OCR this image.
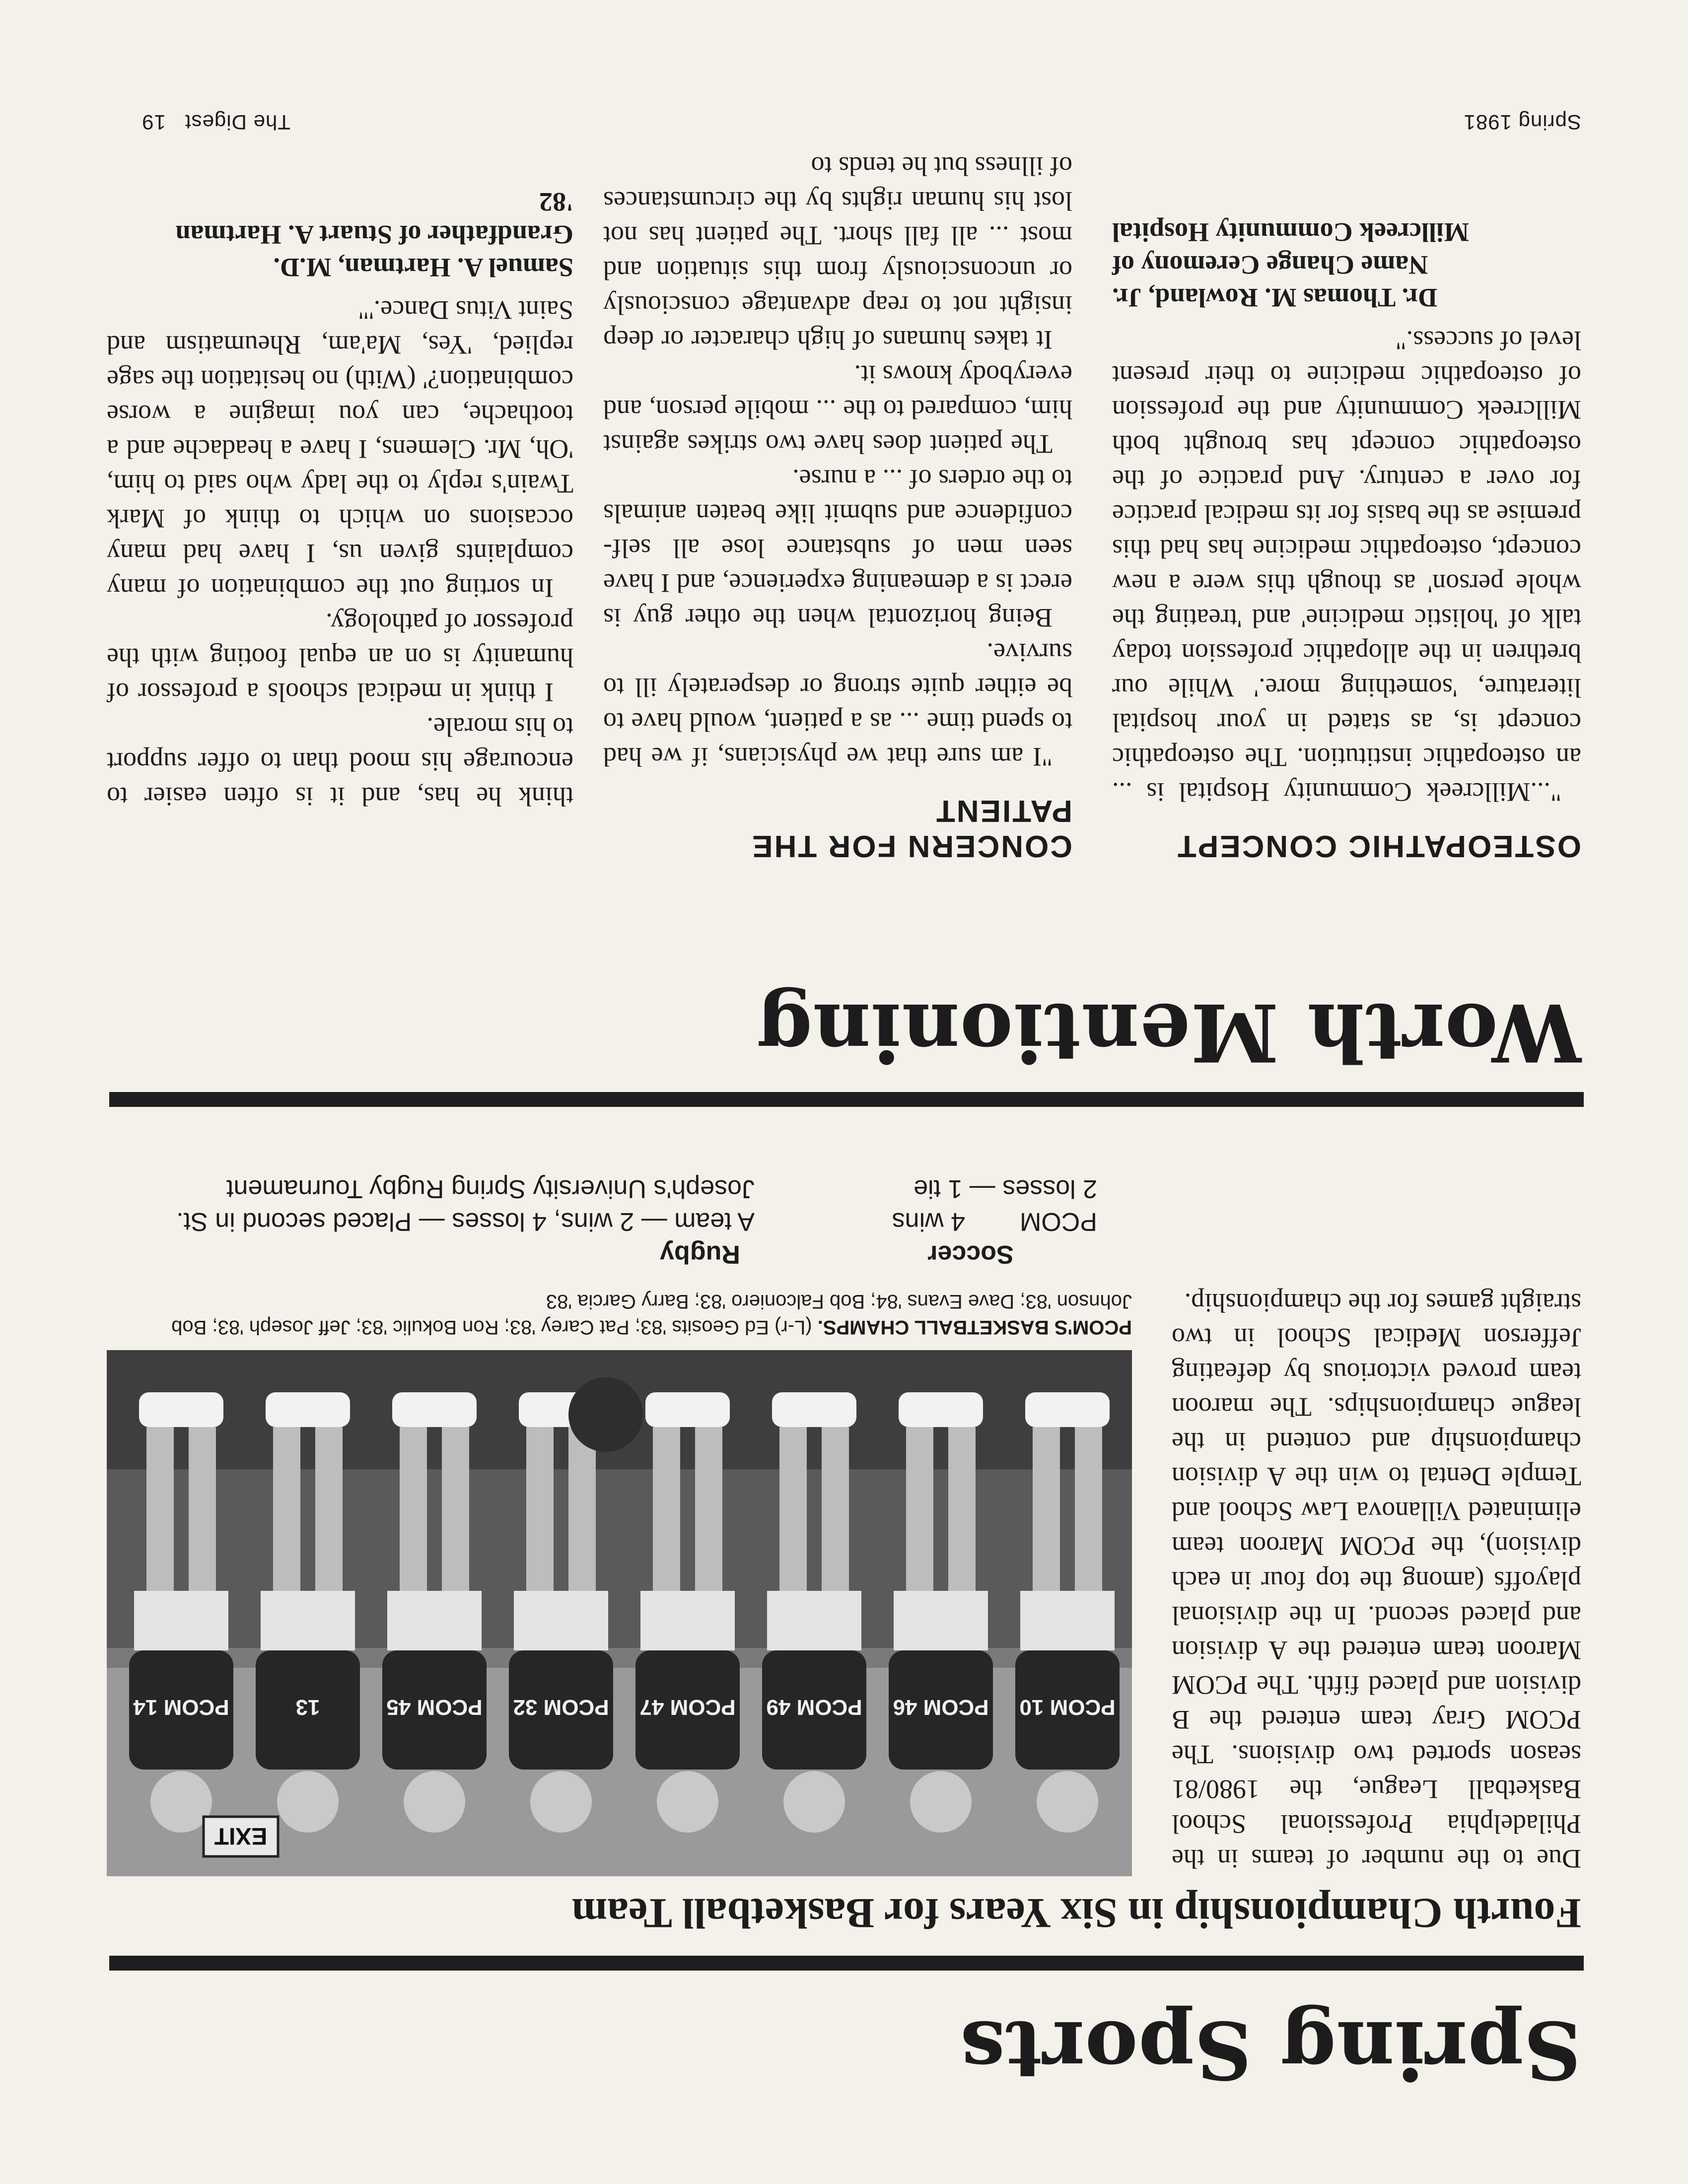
Spring Sports
Fourth Championship in Six Years for Basketball Team

Due to the number of teams in the Philadelphia Professional School Basketball League, the 1980/81 season sported two divisions. The PCOM Gray team entered the B division and placed fifth. The PCOM Maroon team entered the A division and placed second. In the divisional playoffs (among the top four in each division), the PCOM Maroon team eliminated Villanova Law School and Temple Dental to win the A division championship and contend in the league championships. The maroon team proved victorious by defeating Jefferson Medical School in two straight games for the championship.

PCOM 10
PCOM 46
PCOM 49
PCOM 47
PCOM 32
PCOM 45
13
PCOM 14
EXIT
PCOM'S BASKETBALL CHAMPS. (L-r) Ed Geosits '83; Pat Carey '83; Ron Bokulic '83; Jeff Joseph '83; Bob Johnson '83; Dave Evans '84; Bob Falconiero '83; Barry Garcia '83
Soccer
PCOM
4 wins
2 losses — 1 tie
Rugby
A team — 2 wins, 4 losses — Placed second in St. Joseph's University Spring Rugby Tournament
Worth Mentioning
OSTEOPATHIC CONCEPT

"...Millcreek Community Hospital is ... an osteopathic institution. The osteopathic concept is, as stated in your hospital literature, 'something more.' While our brethren in the allopathic profession today talk of 'holistic medicine' and 'treating the whole person' as though this were a new concept, osteopathic medicine has had this premise as the basis for its medical practice for over a century. And practice of the osteopathic concept has brought both Millcreek Community and the profession of osteopathic medicine to their present level of success."

Dr. Thomas M. Rowland, Jr.
Name Change Ceremony of
Millcreek Community Hospital
CONCERN FOR THE PATIENT

"I am sure that we physicians, if we had to spend time ... as a patient, would have to be either quite strong or desperately ill to survive.

Being horizontal when the other guy is erect is a demeaning experience, and I have seen men of substance lose all self-confidence and submit like beaten animals to the orders of ... a nurse.

The patient does have two strikes against him, compared to the ... mobile person, and everybody knows it.

It takes humans of high character or deep insight not to reap advantage consciously or unconsciously from this situation and most ... all fall short. The patient has not lost his human rights by the circumstances of illness but he tends to

think he has, and it is often easier to encourage his mood than to offer support to his morale.

I think in medical schools a professor of humanity is on an equal footing with the professor of pathology.

In sorting out the combination of many complaints given us, I have had many occasions on which to think of Mark Twain's reply to the lady who said to him, 'Oh, Mr. Clemens, I have a headache and a toothache, can you imagine a worse combination?' (With) no hesitation the sage replied, 'Yes, Ma'am, Rheumatism and Saint Vitus Dance.'"

Samuel A. Hartman, M.D.
Grandfather of Stuart A. Hartman
'82
Spring 1981
The Digest   19
